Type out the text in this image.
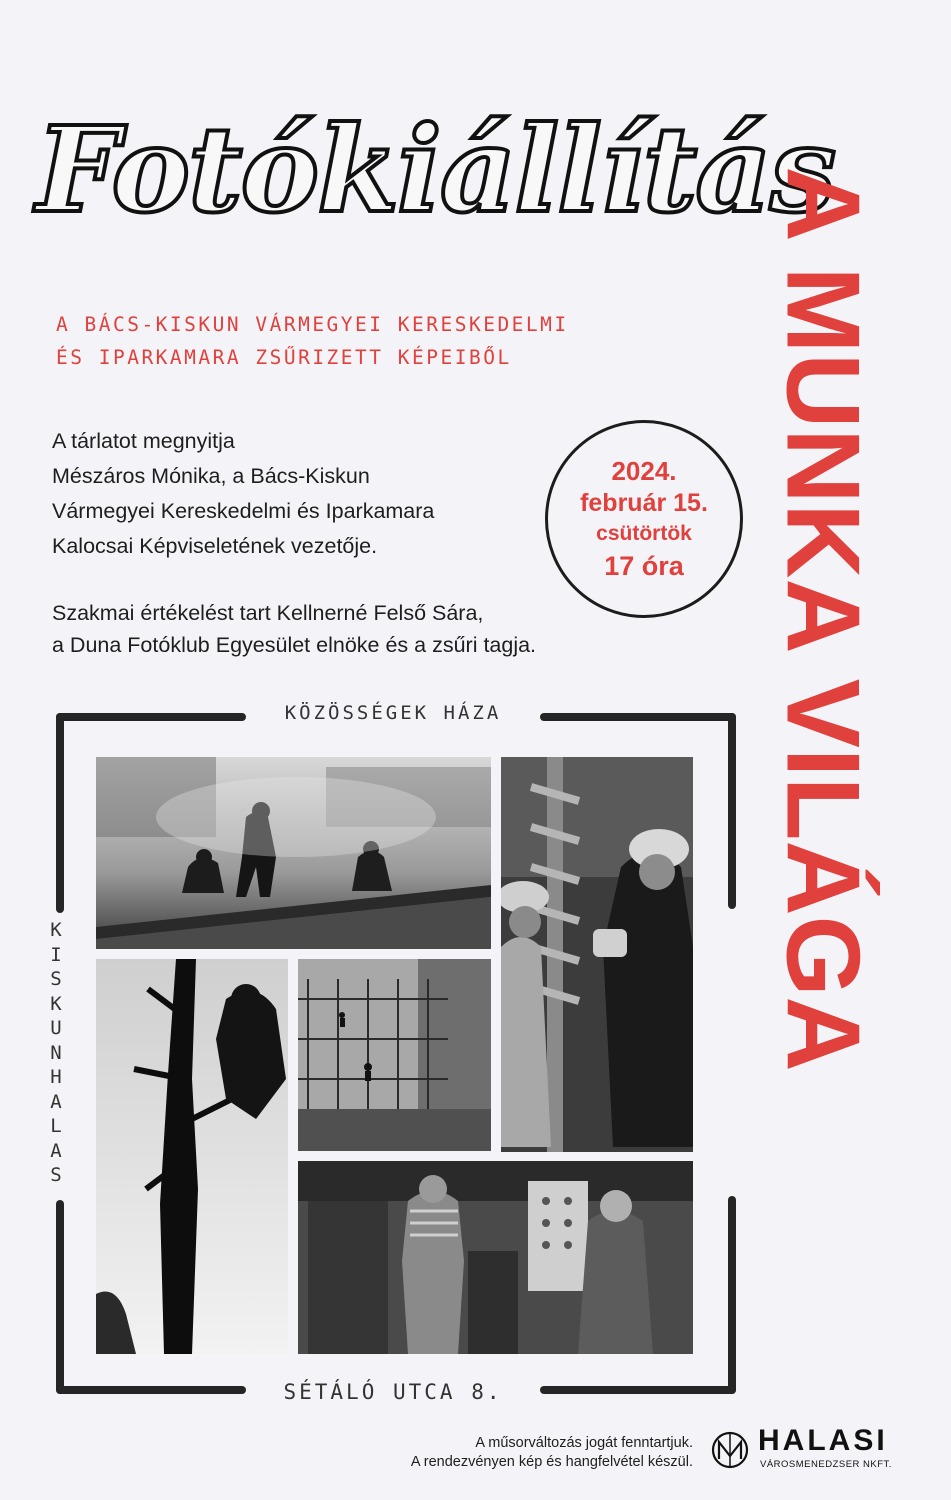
Fotókiállítás
A MUNKA VILÁGA
A BÁCS-KISKUN VÁRMEGYEI KERESKEDELMI
ÉS IPARKAMARA ZSŰRIZETT KÉPEIBŐL
A tárlatot megnyitja
Mészáros Mónika, a Bács-Kiskun
Vármegyei Kereskedelmi és Iparkamara
Kalocsai Képviseletének vezetője.
2024.
február 15.
csütörtök
17 óra
Szakmai értékelést tart Kellnerné Felső Sára,
a Duna Fotóklub Egyesület elnöke és a zsűri tagja.
KÖZÖSSÉGEK HÁZA
SÉTÁLÓ UTCA 8.
K
I
S
K
U
N
H
A
L
A
S
A műsorváltozás jogát fenntartjuk.
A rendezvényen kép és hangfelvétel készül.
HALASI
VÁROSMENEDZSER NKFT.
